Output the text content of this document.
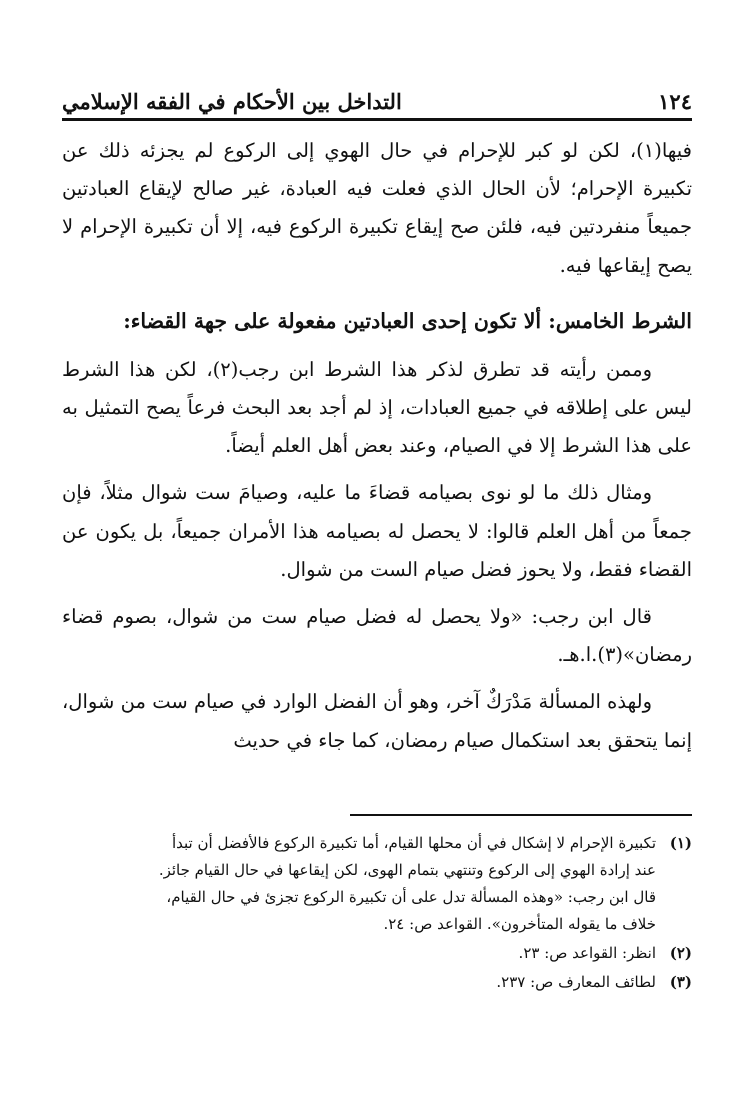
١٢٤
التداخل بين الأحكام في الفقه الإسلامي

فيها(١)، لكن لو كبر للإحرام في حال الهوي إلى الركوع لم يجزئه ذلك عن تكبيرة الإحرام؛ لأن الحال الذي فعلت فيه العبادة، غير صالح لإيقاع العبادتين جميعاً منفردتين فيه، فلئن صح إيقاع تكبيرة الركوع فيه، إلا أن تكبيرة الإحرام لا يصح إيقاعها فيه.

الشرط الخامس: ألا تكون إحدى العبادتين مفعولة على جهة القضاء:

وممن رأيته قد تطرق لذكر هذا الشرط ابن رجب(٢)، لكن هذا الشرط ليس على إطلاقه في جميع العبادات، إذ لم أجد بعد البحث فرعاً يصح التمثيل به على هذا الشرط إلا في الصيام، وعند بعض أهل العلم أيضاً.

ومثال ذلك ما لو نوى بصيامه قضاءَ ما عليه، وصيامَ ست شوال مثلاً، فإن جمعاً من أهل العلم قالوا: لا يحصل له بصيامه هذا الأمران جميعاً، بل يكون عن القضاء فقط، ولا يحوز فضل صيام الست من شوال.

قال ابن رجب: «ولا يحصل له فضل صيام ست من شوال، بصوم قضاء رمضان»(٣).ا.هـ.

ولهذه المسألة مَدْرَكٌ آخر، وهو أن الفضل الوارد في صيام ست من شوال، إنما يتحقق بعد استكمال صيام رمضان، كما جاء في حديث

(١)
تكبيرة الإحرام لا إشكال في أن محلها القيام، أما تكبيرة الركوع فالأفضل أن تبدأ
عند إرادة الهوي إلى الركوع وتنتهي بتمام الهوى، لكن إيقاعها في حال القيام جائز.
قال ابن رجب: «وهذه المسألة تدل على أن تكبيرة الركوع تجزئ في حال القيام،
خلاف ما يقوله المتأخرون». القواعد ص: ٢٤.
(٢)
انظر: القواعد ص: ٢٣.
(٣)
لطائف المعارف ص: ٢٣٧.
